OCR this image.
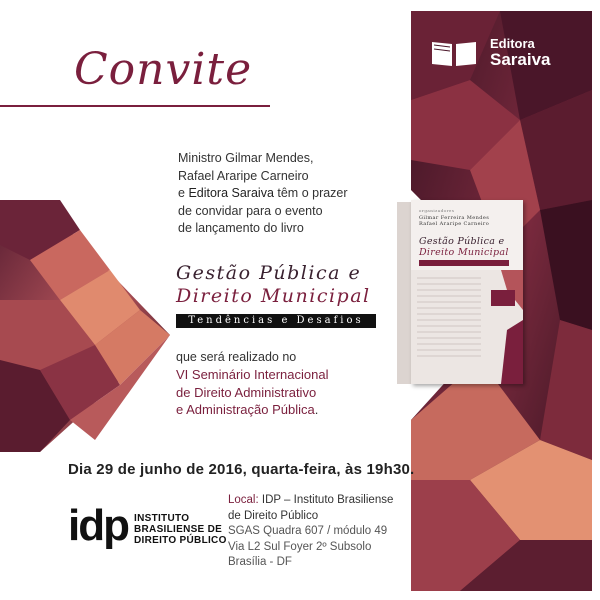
Convite
Ministro Gilmar Mendes,
Rafael Araripe Carneiro
e Editora Saraiva têm o prazer
de convidar para o evento
de lançamento do livro
Gestão Pública e
Direito Municipal
Tendências e Desafios
que será realizado no
VI Seminário Internacional
de Direito Administrativo
e Administração Pública.
Dia 29 de junho de 2016, quarta-feira, às 19h30.
idp INSTITUTO
BRASILIENSE DE
DIREITO PÚBLICO
Local: IDP – Instituto Brasiliense
de Direito Público
SGAS Quadra 607 / módulo 49
Via L2 Sul Foyer 2º Subsolo
Brasília - DF
Editora
Saraiva
organizadores
Gilmar Ferreira Mendes
Rafael Araripe Carneiro
Gestão Pública e
Direito Municipal
